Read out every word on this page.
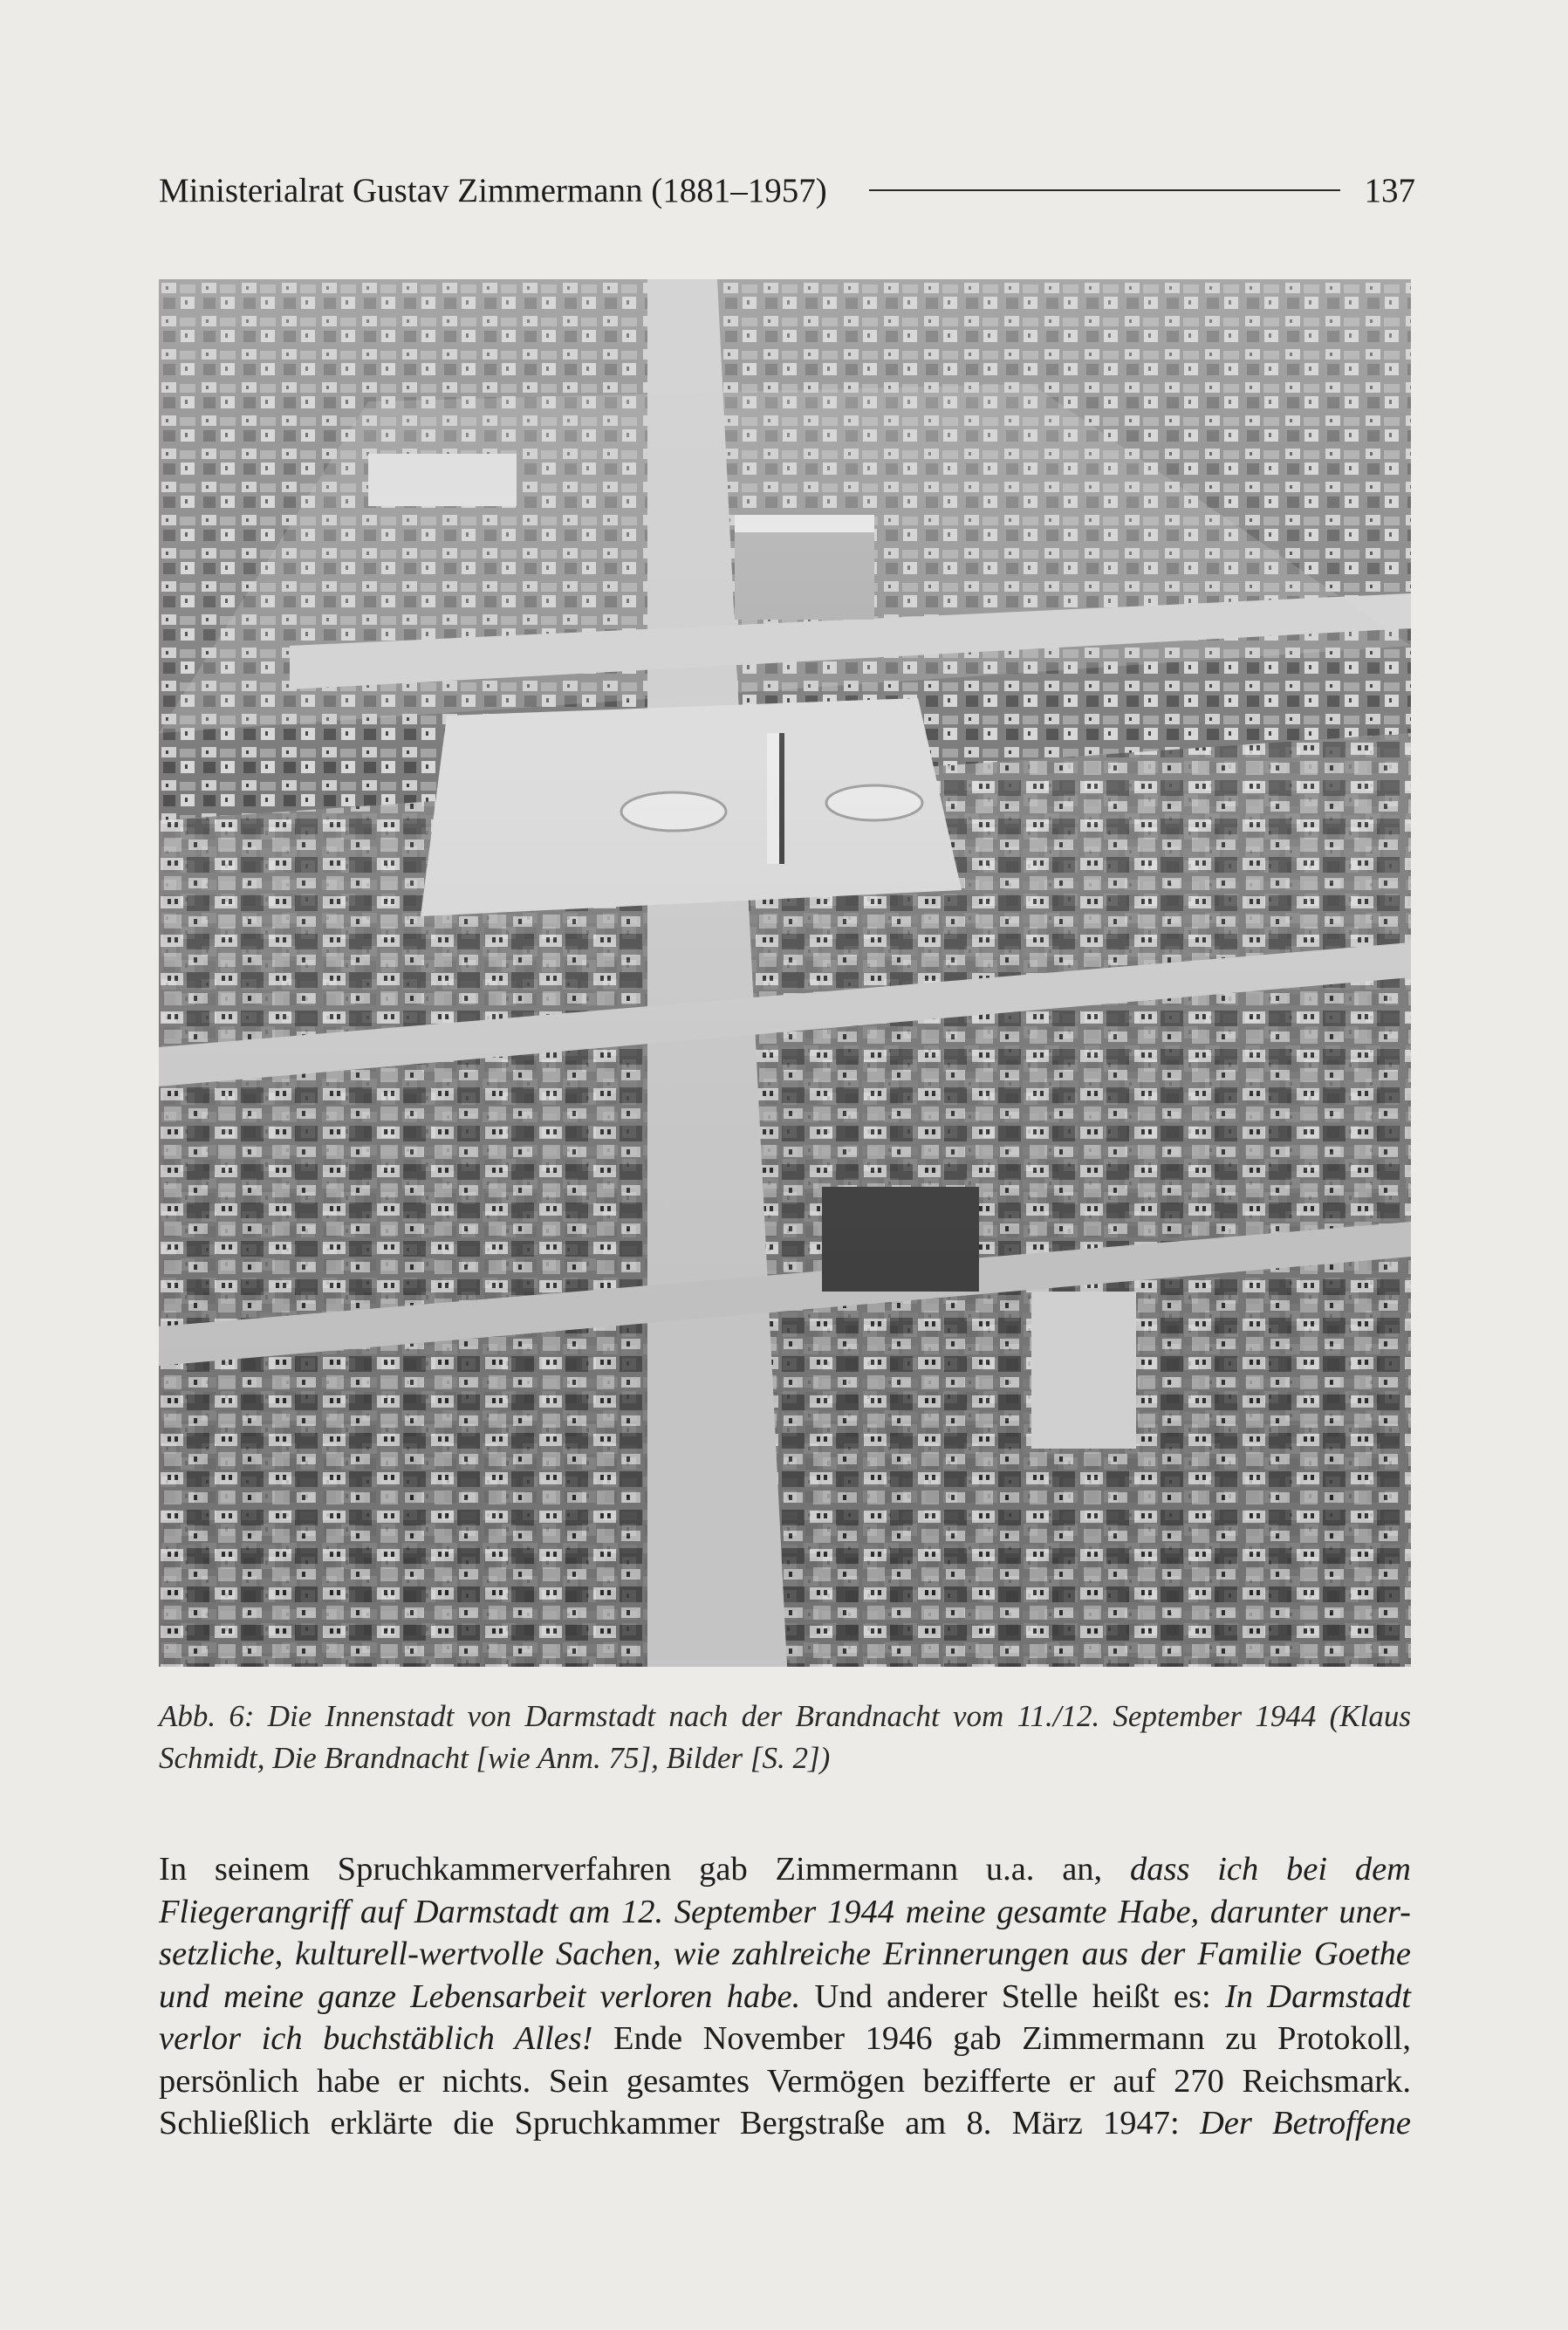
Ministerialrat Gustav Zimmermann (1881–1957)	137

Abb. 6: Die Innenstadt von Darmstadt nach der Brandnacht vom 11./12. September 1944 (Klaus

Schmidt, Die Brandnacht [wie Anm. 75], Bilder [S. 2])

In seinem Spruchkammerverfahren gab Zimmermann u.a. an, dass ich bei dem
Fliegerangriff auf Darmstadt am 12. September 1944 meine gesamte Habe, darunter uner-
setzliche, kulturell-wertvolle Sachen, wie zahlreiche Erinnerungen aus der Familie Goethe
und meine ganze Lebensarbeit verloren habe. Und anderer Stelle heißt es: In Darmstadt
verlor ich buchstäblich Alles! Ende November 1946 gab Zimmermann zu Protokoll,
persönlich habe er nichts. Sein gesamtes Vermögen bezifferte er auf 270 Reichsmark.
Schließlich erklärte die Spruchkammer Bergstraße am 8. März 1947: Der Betroffene
